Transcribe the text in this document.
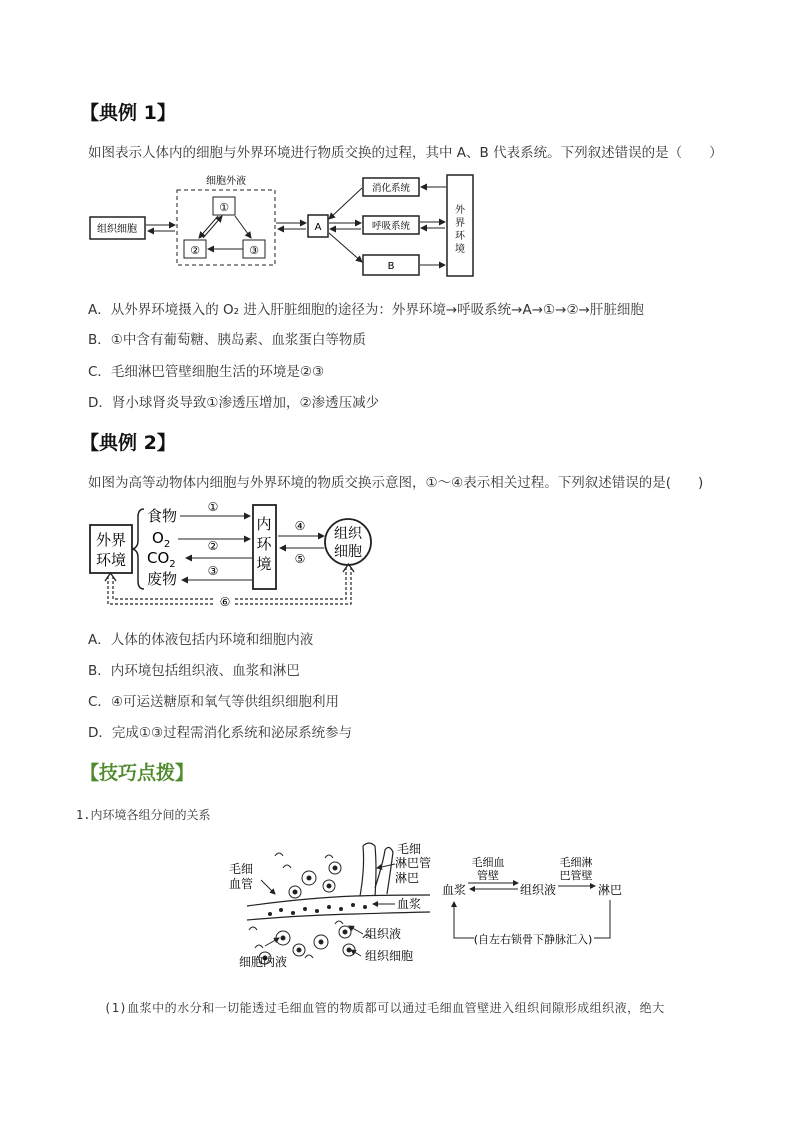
【典例 1】
如图表示人体内的细胞与外界环境进行物质交换的过程，其中 A、B 代表系统。下列叙述错误的是（　　）
细胞外液
组织细胞
①
②	③
A
消化系统
呼吸系统
B
外
界
环
境
A．从外界环境摄入的 O₂ 进入肝脏细胞的途径为：外界环境→呼吸系统→A→①→②→肝脏细胞
B．①中含有葡萄糖、胰岛素、血浆蛋白等物质
C．毛细淋巴管壁细胞生活的环境是②③
D．肾小球肾炎导致①渗透压增加，②渗透压减少
【典例 2】
如图为高等动物体内细胞与外界环境的物质交换示意图，①～④表示相关过程。下列叙述错误的是(　　)
外界
环境
食物
$O_2$
$CO_2$
废物
①
②
③
内
环
境
④
⑤
组织
细胞
⑥
A．人体的体液包括内环境和细胞内液
B．内环境包括组织液、血浆和淋巴
C．④可运送糖原和氧气等供组织细胞利用
D．完成①③过程需消化系统和泌尿系统参与
【技巧点拨】
1.内环境各组分间的关系
毛细
血管
毛细
淋巴管
淋巴
血浆
组织液
组织细胞
细胞内液
血浆	组织液	淋巴
毛细血
管壁
毛细淋
巴管壁
(自左右锁骨下静脉汇入)
(1)血浆中的水分和一切能透过毛细血管的物质都可以通过毛细血管壁进入组织间隙形成组织液，绝大
